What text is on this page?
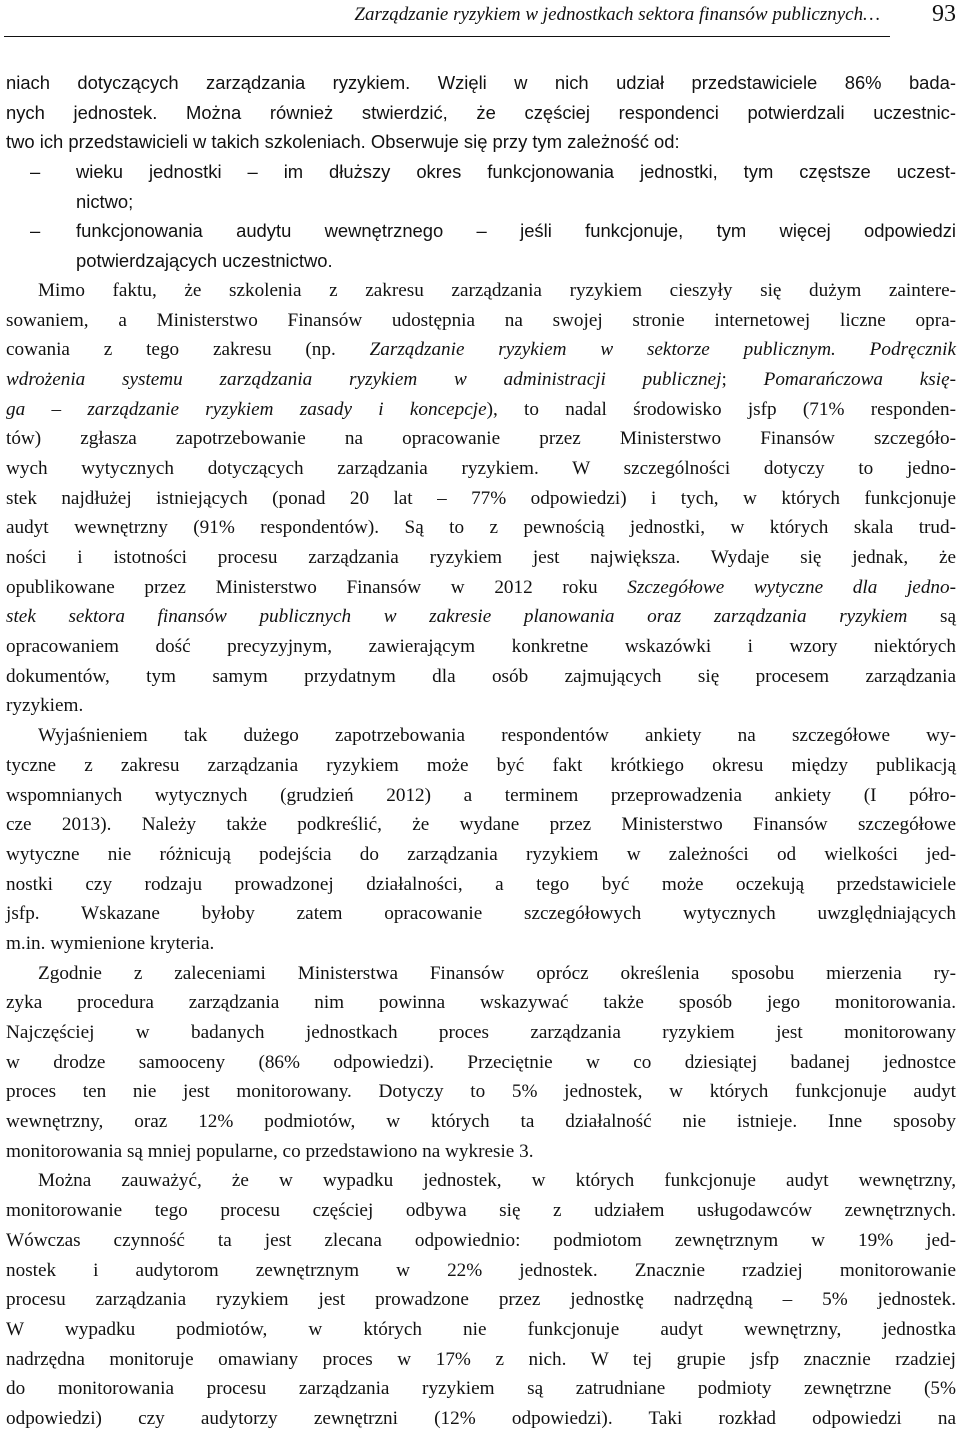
Zarządzanie ryzykiem w jednostkach sektora finansów publicznych… 93
niach dotyczących zarządzania ryzykiem. Wzięli w nich udział przedstawiciele 86% bada-
nych jednostek. Można również stwierdzić, że częściej respondenci potwierdzali uczestnic-
two ich przedstawicieli w takich szkoleniach. Obserwuje się przy tym zależność od:
–	wieku jednostki – im dłuższy okres funkcjonowania jednostki, tym częstsze uczest-
nictwo;
–	funkcjonowania audytu wewnętrznego – jeśli funkcjonuje, tym więcej odpowiedzi
potwierdzających uczestnictwo.
Mimo faktu, że szkolenia z zakresu zarządzania ryzykiem cieszyły się dużym zaintere-
sowaniem, a Ministerstwo Finansów udostępnia na swojej stronie internetowej liczne opra-
cowania z tego zakresu (np. Zarządzanie ryzykiem w sektorze publicznym. Podręcznik
wdrożenia systemu zarządzania ryzykiem w administracji publicznej; Pomarańczowa księ-
ga – zarządzanie ryzykiem zasady i koncepcje), to nadal środowisko jsfp (71% responden-
tów) zgłasza zapotrzebowanie na opracowanie przez Ministerstwo Finansów szczegóło-
wych wytycznych dotyczących zarządzania ryzykiem. W szczególności dotyczy to jedno-
stek najdłużej istniejących (ponad 20 lat – 77% odpowiedzi) i tych, w których funkcjonuje
audyt wewnętrzny (91% respondentów). Są to z pewnością jednostki, w których skala trud-
ności i istotności procesu zarządzania ryzykiem jest największa. Wydaje się jednak, że
opublikowane przez Ministerstwo Finansów w 2012 roku Szczegółowe wytyczne dla jedno-
stek sektora finansów publicznych w zakresie planowania oraz zarządzania ryzykiem są
opracowaniem dość precyzyjnym, zawierającym konkretne wskazówki i wzory niektórych
dokumentów, tym samym przydatnym dla osób zajmujących się procesem zarządzania
ryzykiem.
Wyjaśnieniem tak dużego zapotrzebowania respondentów ankiety na szczegółowe wy-
tyczne z zakresu zarządzania ryzykiem może być fakt krótkiego okresu między publikacją
wspomnianych wytycznych (grudzień 2012) a terminem przeprowadzenia ankiety (I półro-
cze 2013). Należy także podkreślić, że wydane przez Ministerstwo Finansów szczegółowe
wytyczne nie różnicują podejścia do zarządzania ryzykiem w zależności od wielkości jed-
nostki czy rodzaju prowadzonej działalności, a tego być może oczekują przedstawiciele
jsfp. Wskazane byłoby zatem opracowanie szczegółowych wytycznych uwzględniających
m.in. wymienione kryteria.
Zgodnie z zaleceniami Ministerstwa Finansów oprócz określenia sposobu mierzenia ry-
zyka procedura zarządzania nim powinna wskazywać także sposób jego monitorowania.
Najczęściej w badanych jednostkach proces zarządzania ryzykiem jest monitorowany
w drodze samooceny (86% odpowiedzi). Przeciętnie w co dziesiątej badanej jednostce
proces ten nie jest monitorowany. Dotyczy to 5% jednostek, w których funkcjonuje audyt
wewnętrzny, oraz 12% podmiotów, w których ta działalność nie istnieje. Inne sposoby
monitorowania są mniej popularne, co przedstawiono na wykresie 3.
Można zauważyć, że w wypadku jednostek, w których funkcjonuje audyt wewnętrzny,
monitorowanie tego procesu częściej odbywa się z udziałem usługodawców zewnętrznych.
Wówczas czynność ta jest zlecana odpowiednio: podmiotom zewnętrznym w 19% jed-
nostek i audytorom zewnętrznym w 22% jednostek. Znacznie rzadziej monitorowanie
procesu zarządzania ryzykiem jest prowadzone przez jednostkę nadrzędną – 5% jednostek.
W wypadku podmiotów, w których nie funkcjonuje audyt wewnętrzny, jednostka
nadrzędna monitoruje omawiany proces w 17% z nich. W tej grupie jsfp znacznie rzadziej
do monitorowania procesu zarządzania ryzykiem są zatrudniane podmioty zewnętrzne (5%
odpowiedzi) czy audytorzy zewnętrzni (12% odpowiedzi). Taki rozkład odpowiedzi na
